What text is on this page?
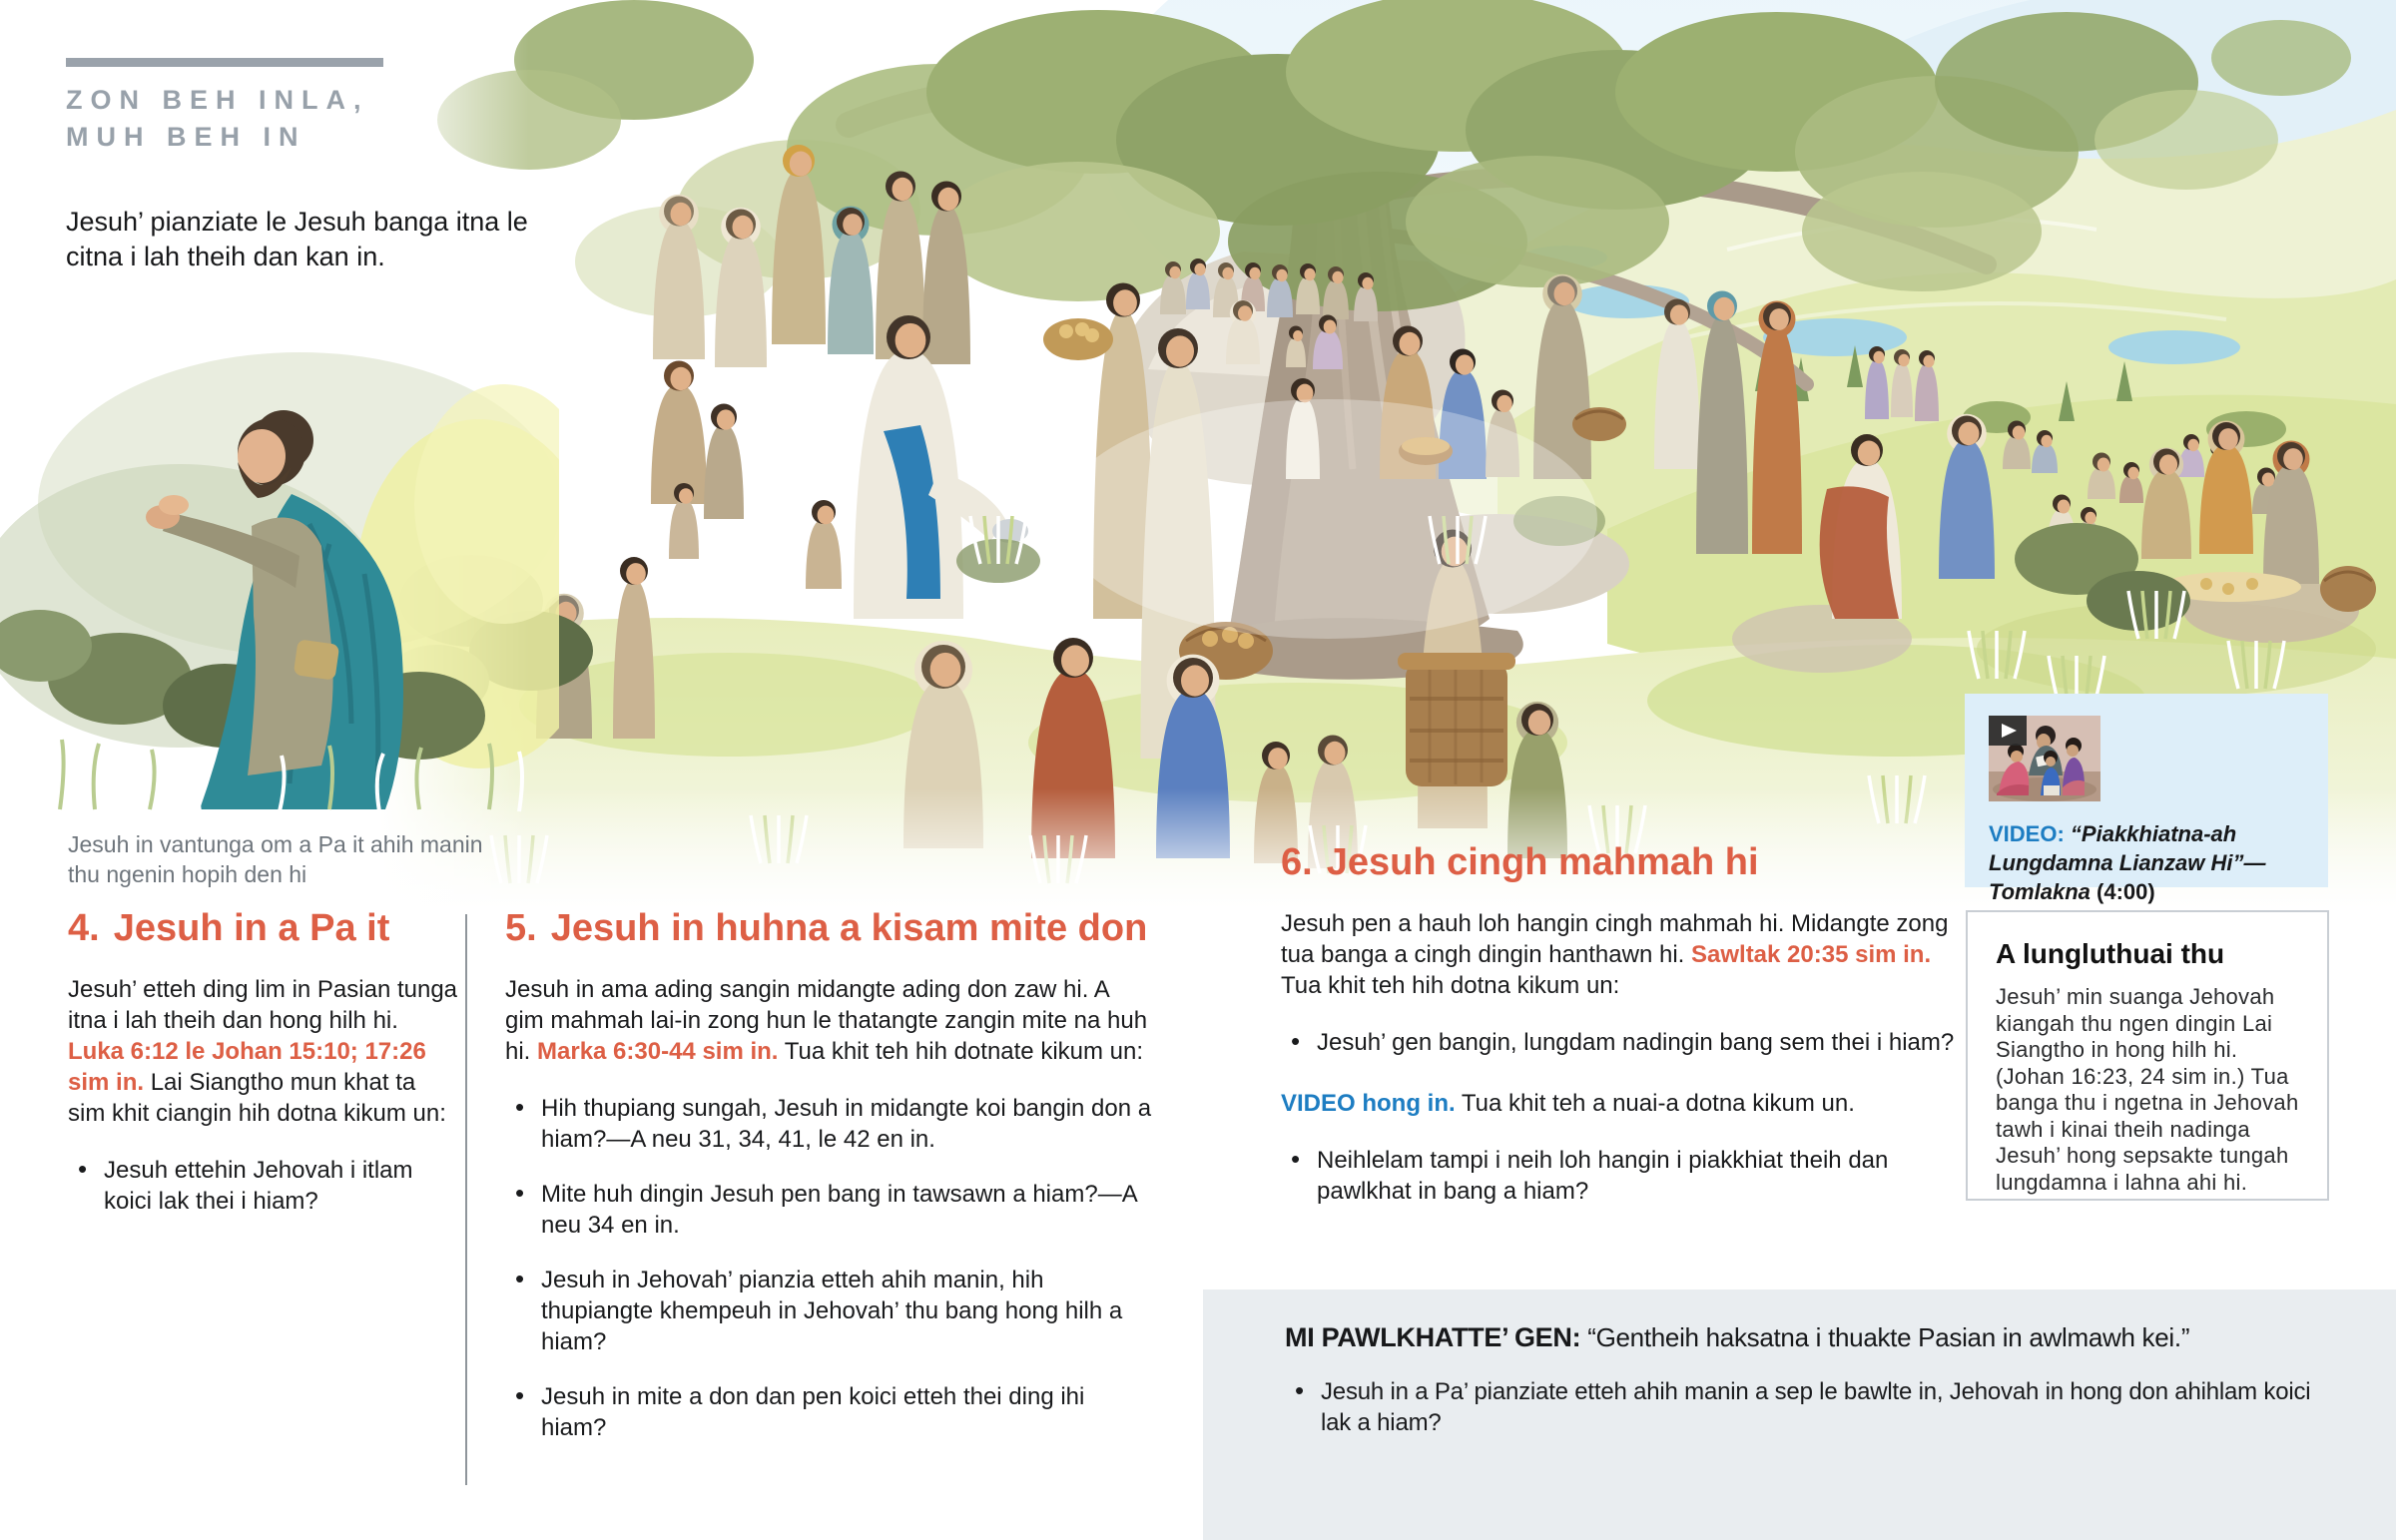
ZON BEH INLA,
MUH BEH IN

Jesuh’ pianziate le Jesuh banga itna le citna i lah theih dan kan in.

Jesuh in vantunga om a Pa it ahih manin thu ngenin hopih den hi

4. Jesuh in a Pa it

Jesuh’ etteh ding lim in Pasian tunga itna i lah theih dan hong hilh hi. Luka 6:12 le Johan 15:10; 17:26 sim in. Lai Siangtho mun khat ta sim khit ciangin hih dotna kikum un:

• Jesuh ettehin Jehovah i itlam koici lak thei i hiam?
5. Jesuh in huhna a kisam mite don

Jesuh in ama ading sangin midangte ading don zaw hi. A gim mahmah lai-in zong hun le thatangte zangin mite na huh hi. Marka 6:30-44 sim in. Tua khit teh hih dotnate kikum un:

• Hih thupiang sungah, Jesuh in midangte koi bangin don a hiam?—A neu 31, 34, 41, le 42 en in.
• Mite huh dingin Jesuh pen bang in tawsawn a hiam?—A neu 34 en in.
• Jesuh in Jehovah’ pianzia etteh ahih manin, hih thupiangte khempeuh in Jehovah’ thu bang hong hilh a hiam?
• Jesuh in mite a don dan pen koici etteh thei ding ihi hiam?
6. Jesuh cingh mahmah hi

Jesuh pen a hauh loh hangin cingh mahmah hi. Midangte zong tua banga a cingh dingin hanthawn hi. Sawltak 20:35 sim in. Tua khit teh hih dotna kikum un:

• Jesuh’ gen bangin, lungdam nadingin bang sem thei i hiam?

VIDEO hong in. Tua khit teh a nuai-a dotna kikum un.

• Neihlelam tampi i neih loh hangin i piakkhiat theih dan pawlkhat in bang a hiam?

VIDEO: “Piakkhiatna-ah Lungdamna Lianzaw Hi”—Tomlakna (4:00)

A lungluthuai thu

Jesuh’ min suanga Jehovah kiangah thu ngen dingin Lai Siangtho in hong hilh hi. (Johan 16:23, 24 sim in.) Tua banga thu i ngetna in Jehovah tawh i kinai theih nadinga Jesuh’ hong sepsakte tungah lungdamna i lahna ahi hi.

MI PAWLKHATTE’ GEN: “Gentheih haksatna i thuakte Pasian in awlmawh kei.”

• Jesuh in a Pa’ pianziate etteh ahih manin a sep le bawlte in, Jehovah in hong don ahihlam koici lak a hiam?
